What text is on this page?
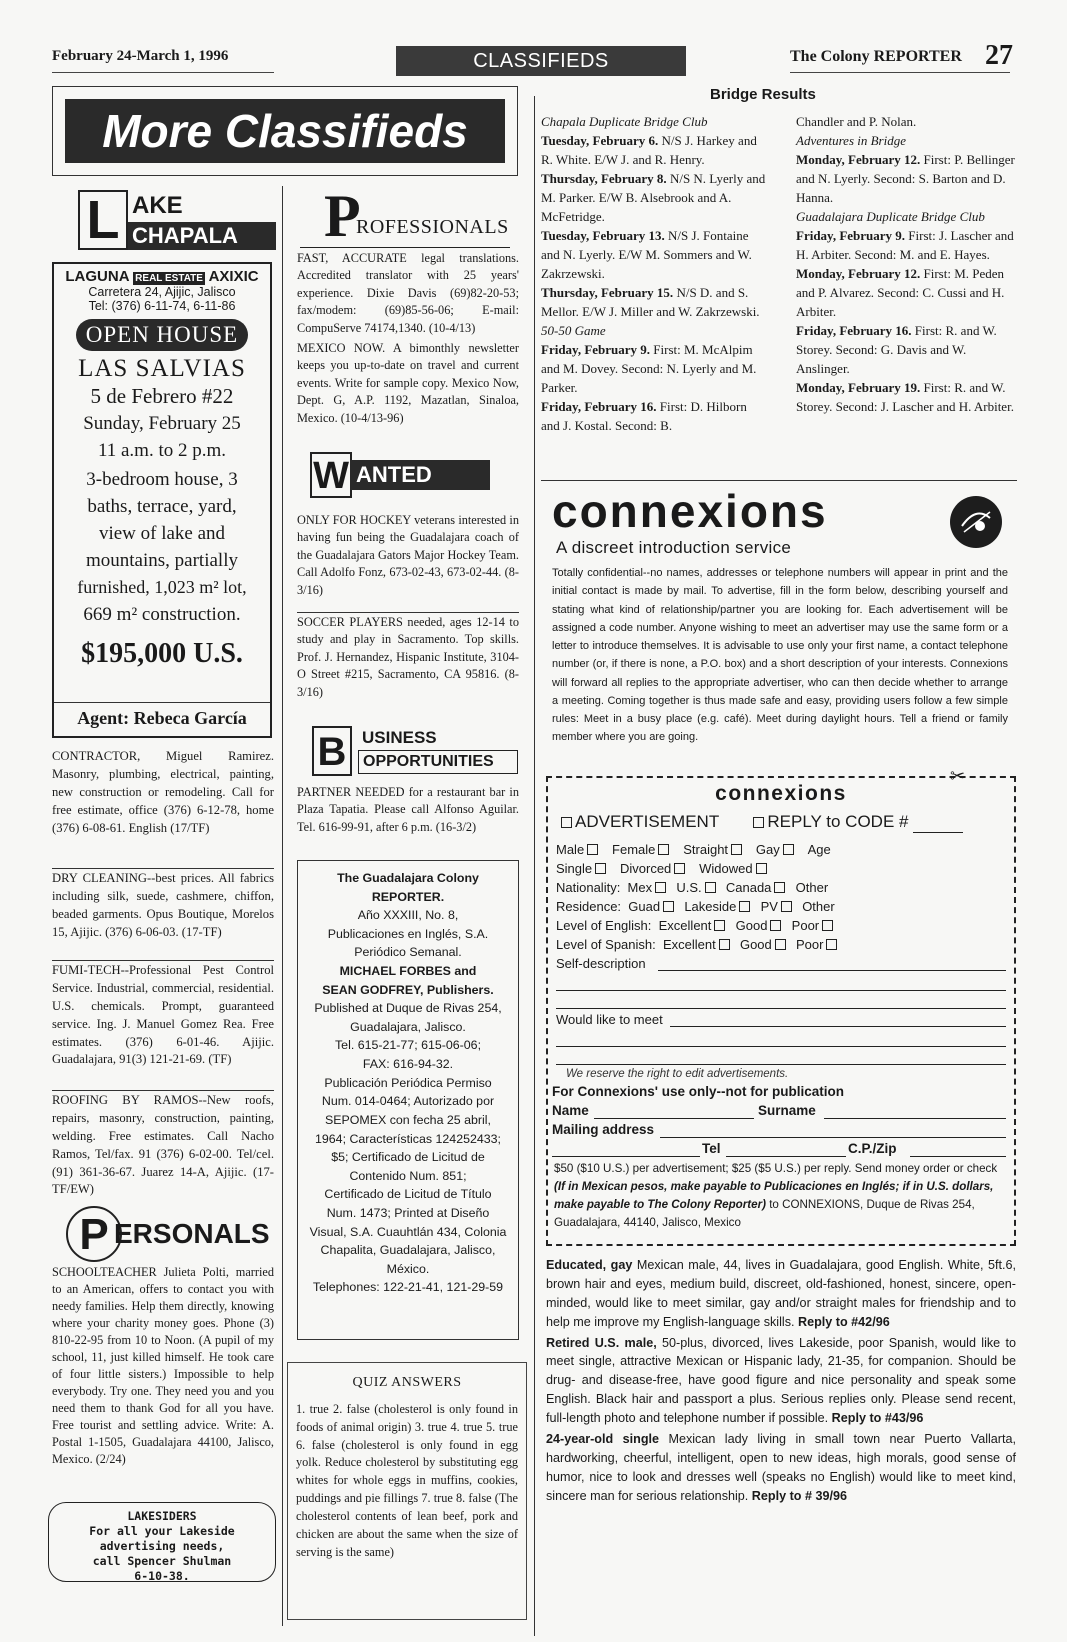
February 24-March 1, 1996	CLASSIFIEDS	The Colony REPORTER 27
More Classifieds
L AKE
CHAPALA
LAGUNA REAL ESTATE AXIXIC
Carretera 24, Ajijic, Jalisco
Tel: (376) 6-11-74, 6-11-86
OPEN HOUSE
LAS SALVIAS
5 de Febrero #22
Sunday, February 25
11 a.m. to 2 p.m.
3-bedroom house, 3
baths, terrace, yard,
view of lake and
mountains, partially
furnished, 1,023 m² lot,
669 m² construction.
$195,000 U.S.
Agent: Rebeca García

CONTRACTOR, Miguel Ramirez. Masonry, plumbing, electrical, painting, new construction or remodeling. Call for free estimate, office (376) 6-12-78, home (376) 6-08-61. English (17/TF)

DRY CLEANING--best prices. All fabrics including silk, suede, cashmere, chiffon, beaded garments. Opus Boutique, Morelos 15, Ajijic. (376) 6-06-03. (17-TF)

FUMI-TECH--Professional Pest Control Service. Industrial, commercial, residential. U.S. chemicals. Prompt, guaranteed service. Ing. J. Manuel Gomez Rea. Free estimates. (376) 6-01-46. Ajijic. Guadalajara, 91(3) 121-21-69. (TF)

ROOFING BY RAMOS--New roofs, repairs, masonry, construction, painting, welding. Free estimates. Call Nacho Ramos, Tel/fax. 91 (376) 6-02-00. Tel/cel. (91) 361-36-67. Juarez 14-A, Ajijic. (17-TF/EW)

P ERSONALS

SCHOOLTEACHER Julieta Polti, married to an American, offers to contact you with needy families. Help them directly, knowing where your charity money goes. Phone (3) 810-22-95 from 10 to Noon. (A pupil of my school, 11, just killed himself. He took care of four little sisters.) Impossible to help everybody. Try one. They need you and you need them to thank God for all you have. Free tourist and settling advice. Write: A. Postal 1-1505, Guadalajara 44100, Jalisco, Mexico. (2/24)

LAKESIDERS
For all your Lakeside
advertising needs,
call Spencer Shulman
6-10-38.
P
ROFESSIONALS

FAST, ACCURATE legal translations. Accredited translator with 25 years' experience. Dixie Davis (69)82-20-53; fax/modem: (69)85-56-06; E-mail: CompuServe 74174,1340. (10-4/13)

MEXICO NOW. A bimonthly newsletter keeps you up-to-date on travel and current events. Write for sample copy. Mexico Now, Dept. G, A.P. 1192, Mazatlan, Sinaloa, Mexico. (10-4/13-96)

W ANTED

ONLY FOR HOCKEY veterans interested in having fun being the Guadalajara coach of the Guadalajara Gators Major Hockey Team. Call Adolfo Fonz, 673-02-43, 673-02-44. (8-3/16)

SOCCER PLAYERS needed, ages 12-14 to study and play in Sacramento. Top skills. Prof. J. Hernandez, Hispanic Institute, 3104-O Street #215, Sacramento, CA 95816. (8-3/16)

B USINESS
OPPORTUNITIES

PARTNER NEEDED for a restaurant bar in Plaza Tapatia. Please call Alfonso Aguilar. Tel. 616-99-91, after 6 p.m. (16-3/2)

The Guadalajara Colony
REPORTER.
Año XXXIII, No. 8,
Publicaciones en Inglés, S.A.
Periódico Semanal.
MICHAEL FORBES and
SEAN GODFREY, Publishers.
Published at Duque de Rivas 254,
Guadalajara, Jalisco.
Tel. 615-21-77; 615-06-06;
FAX: 616-94-32.
Publicación Periódica Permiso
Num. 014-0464; Autorizado por
SEPOMEX con fecha 25 abril,
1964; Características 124252433;
$5; Certificado de Licitud de
Contenido Num. 851;
Certificado de Licitud de Título
Num. 1473; Printed at Diseño
Visual, S.A. Cuauhtlán 434, Colonia
Chapalita, Guadalajara, Jalisco,
México.
Telephones: 122-21-41, 121-29-59
QUIZ ANSWERS

1. true 2. false (cholesterol is only found in foods of animal origin) 3. true 4. true 5. true 6. false (cholesterol is only found in egg yolk. Reduce cholesterol by substituting egg whites for whole eggs in muffins, cookies, puddings and pie fillings 7. true 8. false (The cholesterol contents of lean beef, pork and chicken are about the same when the size of serving is the same)

Bridge Results
Chapala Duplicate Bridge Club
Tuesday, February 6. N/S J. Harkey and R. White. E/W J. and R. Henry.
Thursday, February 8. N/S N. Lyerly and M. Parker. E/W B. Alsebrook and A. McFetridge.
Tuesday, February 13. N/S J. Fontaine and N. Lyerly. E/W M. Sommers and W. Zakrzewski.
Thursday, February 15. N/S D. and S. Mellor. E/W J. Miller and W. Zakrzewski.
50-50 Game
Friday, February 9. First: M. McAlpim and M. Dovey. Second: N. Lyerly and M. Parker.
Friday, February 16. First: D. Hilborn and J. Kostal. Second: B.
Chandler and P. Nolan.
Adventures in Bridge
Monday, February 12. First: P. Bellinger and N. Lyerly. Second: S. Barton and D. Hanna.
Guadalajara Duplicate Bridge Club
Friday, February 9. First: J. Lascher and H. Arbiter. Second: M. and E. Hayes.
Monday, February 12. First: M. Peden and P. Alvarez. Second: C. Cussi and H. Arbiter.
Friday, February 16. First: R. and W. Storey. Second: G. Davis and W. Anslinger.
Monday, February 19. First: R. and W. Storey. Second: J. Lascher and H. Arbiter.
connexions
A discreet introduction service

Totally confidential--no names, addresses or telephone numbers will appear in print and the initial contact is made by mail. To advertise, fill in the form below, describing yourself and stating what kind of relationship/partner you are looking for. Each advertisement will be assigned a code number. Anyone wishing to meet an advertiser may use the same form or a letter to introduce themselves. It is advisable to use only your first name, a contact telephone number (or, if there is none, a P.O. box) and a short description of your interests. Connexions will forward all replies to the appropriate advertiser, who can then decide whether to arrange a meeting. Coming together is thus made safe and easy, providing users follow a few simple rules: Meet in a busy place (e.g. café). Meet during daylight hours. Tell a friend or family member where you are going.

connexions
✂
ADVERTISEMENT	REPLY to CODE #
Male Female Straight Gay Age
Single Divorced Widowed
Nationality: Mex U.S. Canada Other
Residence: Guad Lakeside PV Other
Level of English: Excellent Good Poor
Level of Spanish: Excellent Good Poor
Self-description
Would like to meet
We reserve the right to edit advertisements.
For Connexions' use only--not for publication
Name	Surname
Mailing address
Tel	C.P./Zip

$50 ($10 U.S.) per advertisement; $25 ($5 U.S.) per reply. Send money order or check (If in Mexican pesos, make payable to Publicaciones en Inglés; if in U.S. dollars, make payable to The Colony Reporter) to CONNEXIONS, Duque de Rivas 254, Guadalajara, 44140, Jalisco, Mexico

Educated, gay Mexican male, 44, lives in Guadalajara, good English. White, 5ft.6, brown hair and eyes, medium build, discreet, old-fashioned, honest, sincere, open-minded, would like to meet similar, gay and/or straight males for friendship and to help me improve my English-language skills. Reply to #42/96

Retired U.S. male, 50-plus, divorced, lives Lakeside, poor Spanish, would like to meet single, attractive Mexican or Hispanic lady, 21-35, for companion. Should be drug- and disease-free, have good figure and nice personality and speak some English. Black hair and passport a plus. Serious replies only. Please send recent, full-length photo and telephone number if possible. Reply to #43/96

24-year-old single Mexican lady living in small town near Puerto Vallarta, hardworking, cheerful, intelligent, open to new ideas, high morals, good sense of humor, nice to look and dresses well (speaks no English) would like to meet kind, sincere man for serious relationship. Reply to # 39/96
